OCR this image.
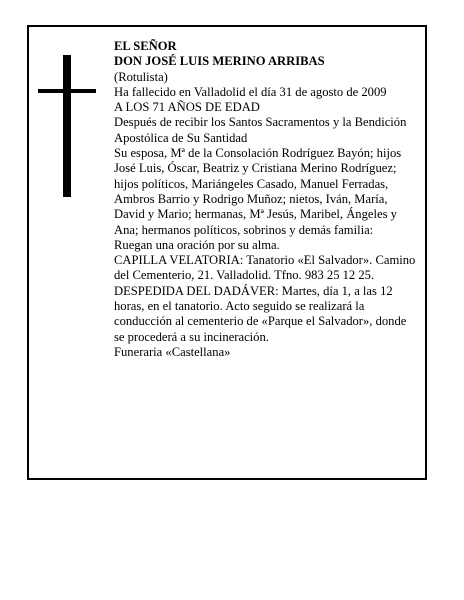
EL SEÑOR

DON JOSÉ LUIS MERINO ARRIBAS

(Rotulista)

Ha fallecido en Valladolid el día 31 de agosto de 2009

A LOS 71 AÑOS DE EDAD

Después de recibir los Santos Sacramentos y la Bendición Apostólica de Su Santidad

Su esposa, Mª de la Consolación Rodríguez Bayón; hijos José Luis, Óscar, Beatriz y Cristiana Merino Rodríguez; hijos políticos, Mariángeles Casado, Manuel Ferradas, Ambros Barrio y Rodrigo Muñoz; nietos, Iván, María, David y Mario; hermanas, Mª Jesús, Maribel, Ángeles y Ana; hermanos políticos, sobrinos y demás familia:

Ruegan una oración por su alma.

CAPILLA VELATORIA: Tanatorio «El Salvador». Camino del Cementerio, 21. Valladolid. Tfno. 983 25 12 25.

DESPEDIDA DEL DADÁVER: Martes, día 1, a las 12 horas, en el tanatorio. Acto seguido se realizará la conducción al cementerio de «Parque el Salvador», donde se procederá a su incineración.

Funeraria «Castellana»
